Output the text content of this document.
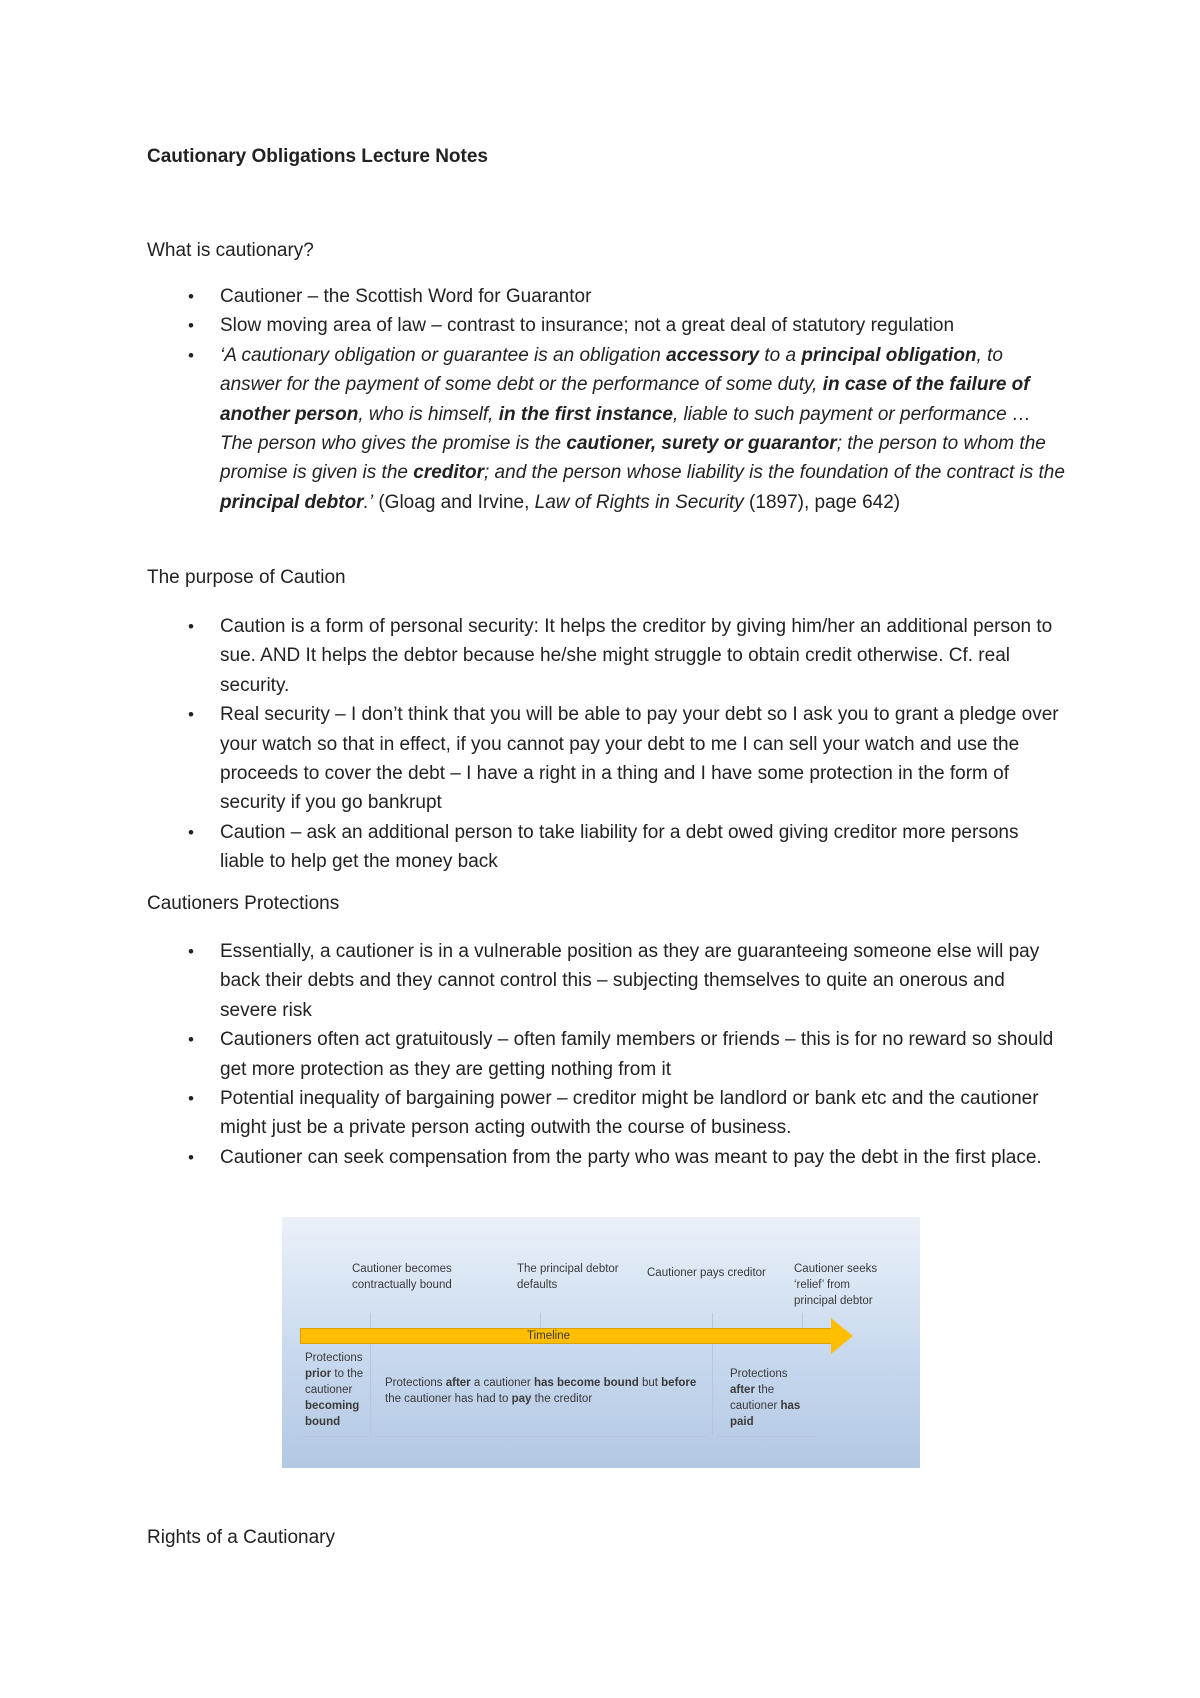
Cautionary Obligations Lecture Notes
What is cautionary?
• Cautioner – the Scottish Word for Guarantor
• Slow moving area of law – contrast to insurance; not a great deal of statutory regulation
• ‘A cautionary obligation or guarantee is an obligation accessory to a principal obligation, to answer for the payment of some debt or the performance of some duty, in case of the failure of another person, who is himself, in the first instance, liable to such payment or performance … The person who gives the promise is the cautioner, surety or guarantor; the person to whom the promise is given is the creditor; and the person whose liability is the foundation of the contract is the principal debtor.’ (Gloag and Irvine, Law of Rights in Security (1897), page 642)
The purpose of Caution
• Caution is a form of personal security: It helps the creditor by giving him/her an additional person to sue. AND It helps the debtor because he/she might struggle to obtain credit otherwise. Cf. real security.
• Real security – I don’t think that you will be able to pay your debt so I ask you to grant a pledge over your watch so that in effect, if you cannot pay your debt to me I can sell your watch and use the proceeds to cover the debt – I have a right in a thing and I have some protection in the form of security if you go bankrupt
• Caution – ask an additional person to take liability for a debt owed giving creditor more persons liable to help get the money back
Cautioners Protections
• Essentially, a cautioner is in a vulnerable position as they are guaranteeing someone else will pay back their debts and they cannot control this – subjecting themselves to quite an onerous and severe risk
• Cautioners often act gratuitously – often family members or friends – this is for no reward so should get more protection as they are getting nothing from it
• Potential inequality of bargaining power – creditor might be landlord or bank etc and the cautioner might just be a private person acting outwith the course of business.
• Cautioner can seek compensation from the party who was meant to pay the debt in the first place.
Cautioner becomes contractually bound
The principal debtor defaults
Cautioner pays creditor	Cautioner seeks
‘relief’ from
principal debtor
Timeline
Protections prior to the cautioner becoming bound
Protections after a cautioner has become bound but before the cautioner has had to pay the creditor
Protections after the cautioner has paid
Rights of a Cautionary
